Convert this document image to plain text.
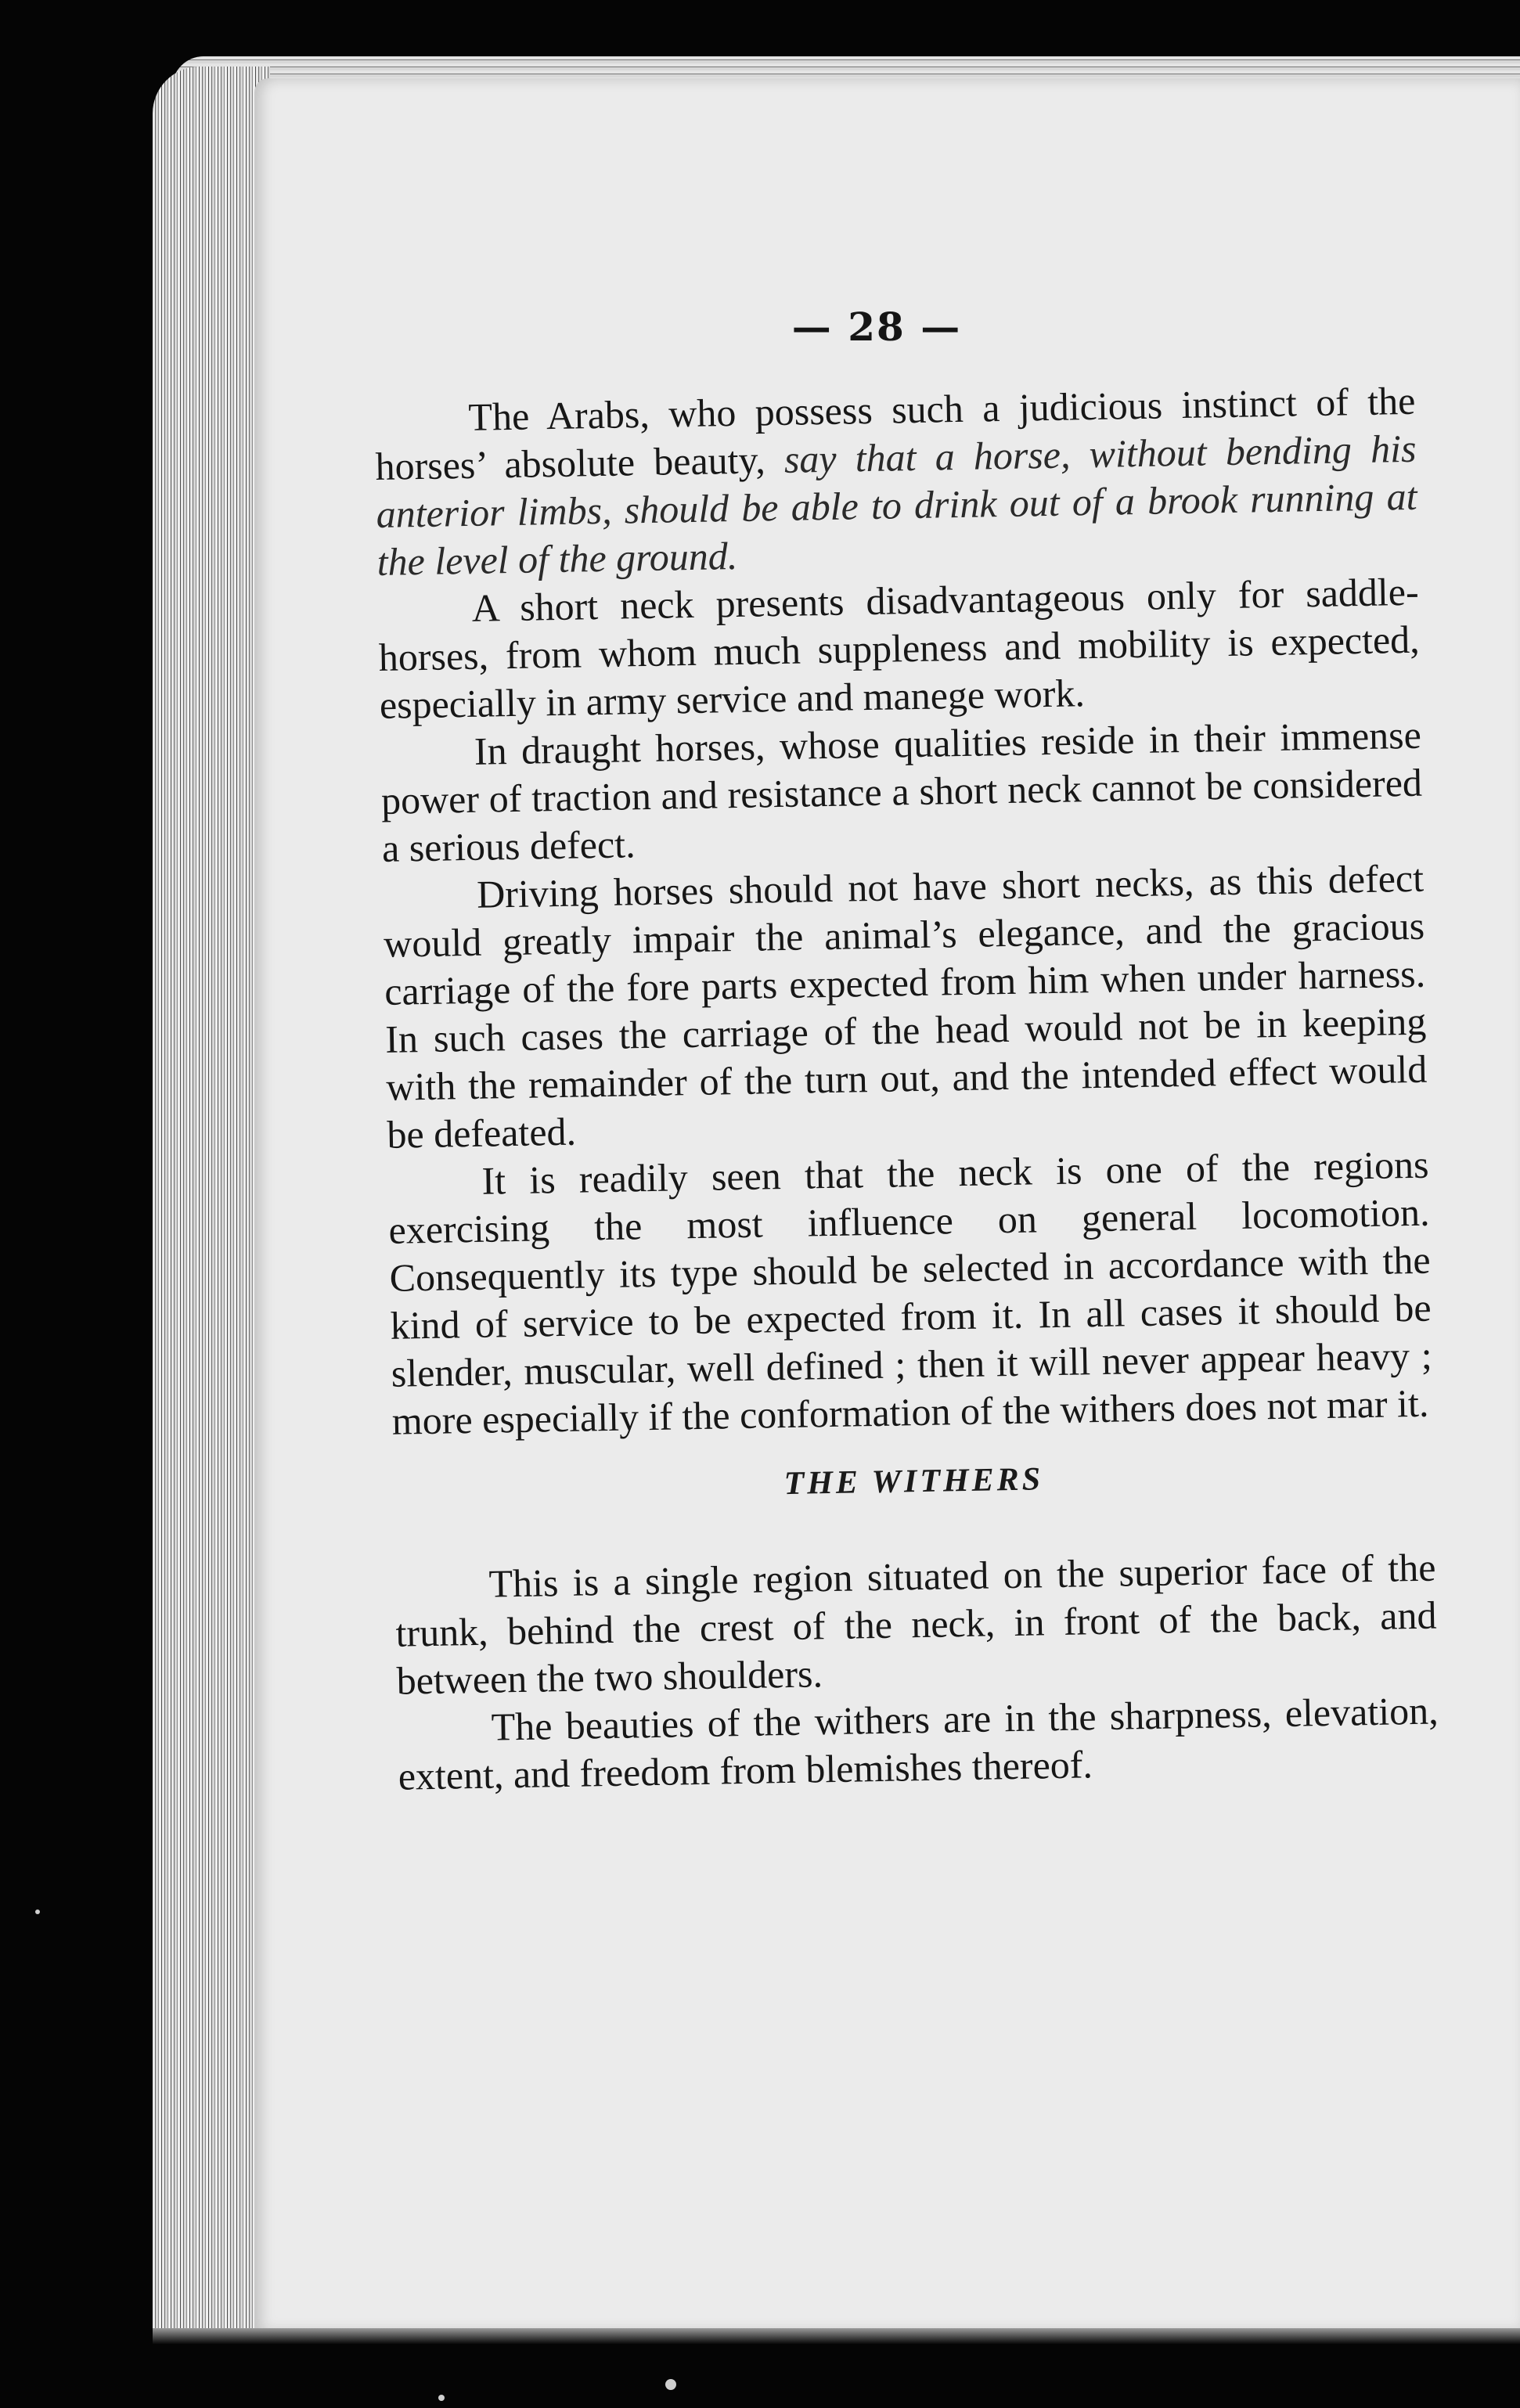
— 28 —

The Arabs, who possess such a judicious instinct of the horses’ absolute beauty, say that a horse, without bending his anterior limbs, should be able to drink out of a brook running at the level of the ground.

A short neck presents disadvantageous only for saddle-horses, from whom much suppleness and mobility is expected, especially in army service and manege work.

In draught horses, whose qualities reside in their immense power of traction and resistance a short neck cannot be considered a serious defect.

Driving horses should not have short necks, as this defect would greatly impair the animal’s elegance, and the gracious carriage of the fore parts expected from him when under harness. In such cases the carriage of the head would not be in keeping with the remainder of the turn out, and the intended effect would be defeated.

It is readily seen that the neck is one of the regions exercising the most influence on general locomotion. Consequently its type should be selected in accordance with the kind of service to be expected from it. In all cases it should be slender, muscular, well defined ; then it will never appear heavy ; more especially if the conformation of the withers does not mar it.

THE WITHERS

This is a single region situated on the superior face of the trunk, behind the crest of the neck, in front of the back, and between the two shoulders.

The beauties of the withers are in the sharpness, elevation, extent, and freedom from blemishes thereof.
